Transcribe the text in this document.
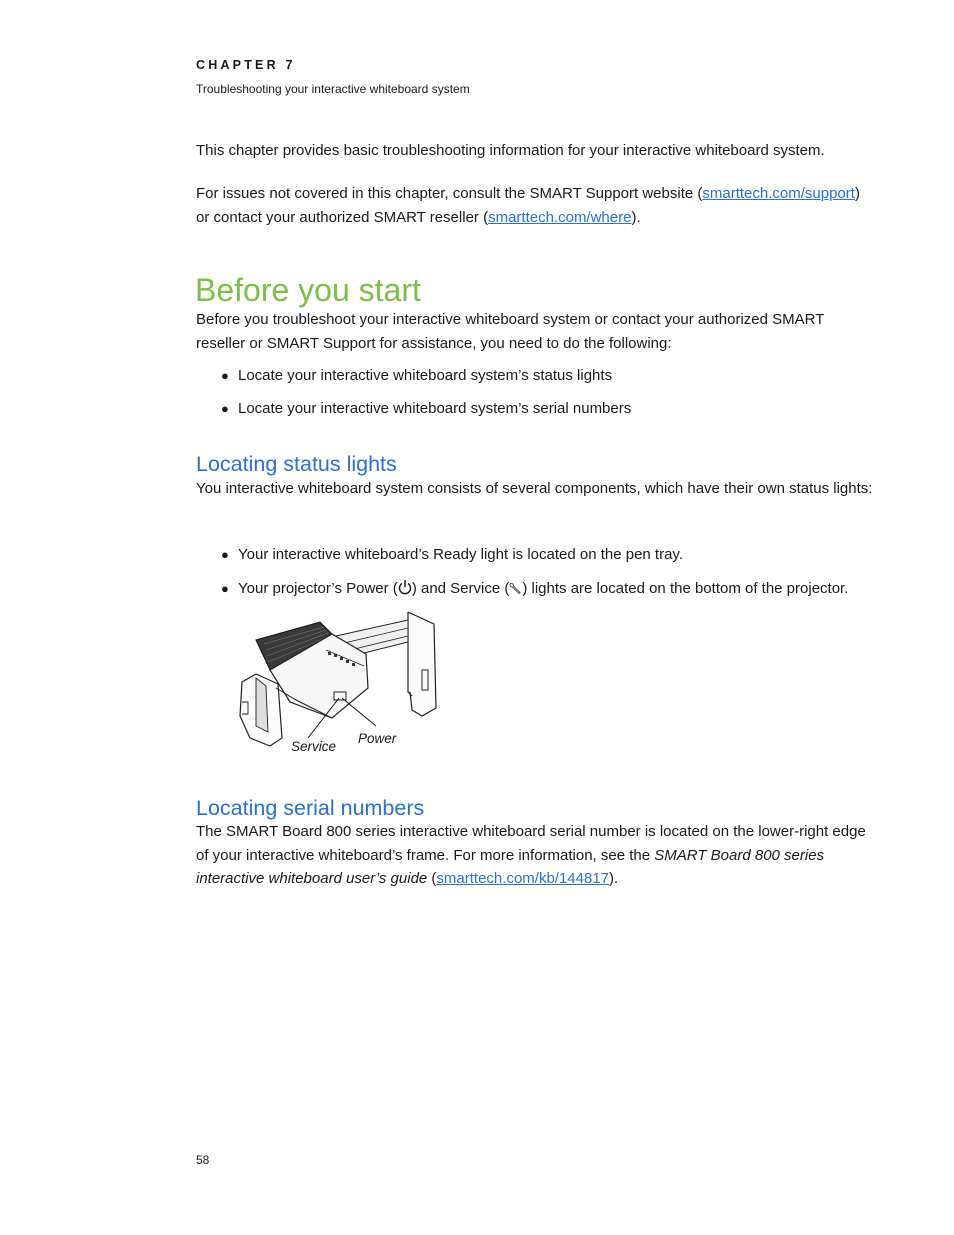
CHAPTER 7
Troubleshooting your interactive whiteboard system

This chapter provides basic troubleshooting information for your interactive whiteboard system.

For issues not covered in this chapter, consult the SMART Support website (smarttech.com/support) or contact your authorized SMART reseller (smarttech.com/where).

Before you start

Before you troubleshoot your interactive whiteboard system or contact your authorized SMART reseller or SMART Support for assistance, you need to do the following:

● Locate your interactive whiteboard system’s status lights
● Locate your interactive whiteboard system’s serial numbers
Locating status lights

You interactive whiteboard system consists of several components, which have their own status lights:

● Your interactive whiteboard’s Ready light is located on the pen tray.
● Your projector’s Power ( ) and Service ( ) lights are located on the bottom of the projector.
Service
Power
Locating serial numbers

The SMART Board 800 series interactive whiteboard serial number is located on the lower-right edge of your interactive whiteboard’s frame. For more information, see the SMART Board 800 series interactive whiteboard user’s guide (smarttech.com/kb/144817).

58
